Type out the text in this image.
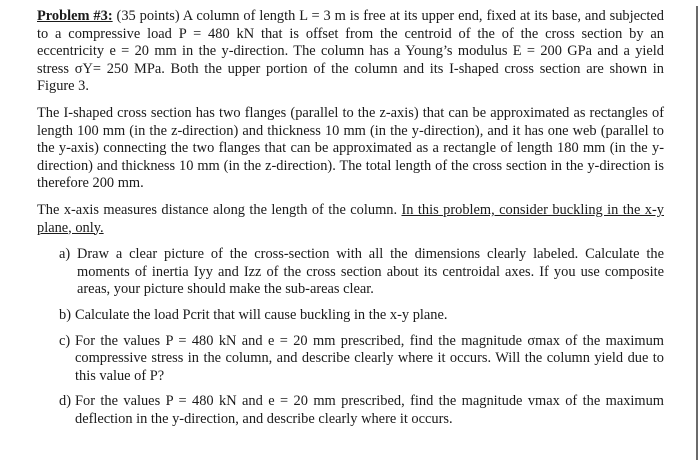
Problem #3: (35 points) A column of length L = 3 m is free at its upper end, fixed at its base, and subjected to a compressive load P = 480 kN that is offset from the centroid of the of the cross section by an eccentricity e = 20 mm in the y-direction. The column has a Young’s modulus E = 200 GPa and a yield stress σY= 250 MPa. Both the upper portion of the column and its I-shaped cross section are shown in Figure 3.

The I-shaped cross section has two flanges (parallel to the z-axis) that can be approximated as rectangles of length 100 mm (in the z-direction) and thickness 10 mm (in the y-direction), and it has one web (parallel to the y-axis) connecting the two flanges that can be approximated as a rectangle of length 180 mm (in the y-direction) and thickness 10 mm (in the z-direction). The total length of the cross section in the y-direction is therefore 200 mm.

The x-axis measures distance along the length of the column. In this problem, consider buckling in the x-y plane, only.

a) Draw a clear picture of the cross-section with all the dimensions clearly labeled. Calculate the moments of inertia Iyy and Izz of the cross section about its centroidal axes. If you use composite areas, your picture should make the sub-areas clear.
b) Calculate the load Pcrit that will cause buckling in the x-y plane.
c) For the values P = 480 kN and e = 20 mm prescribed, find the magnitude σmax of the maximum compressive stress in the column, and describe clearly where it occurs. Will the column yield due to this value of P?
d) For the values P = 480 kN and e = 20 mm prescribed, find the magnitude vmax of the maximum deflection in the y-direction, and describe clearly where it occurs.
